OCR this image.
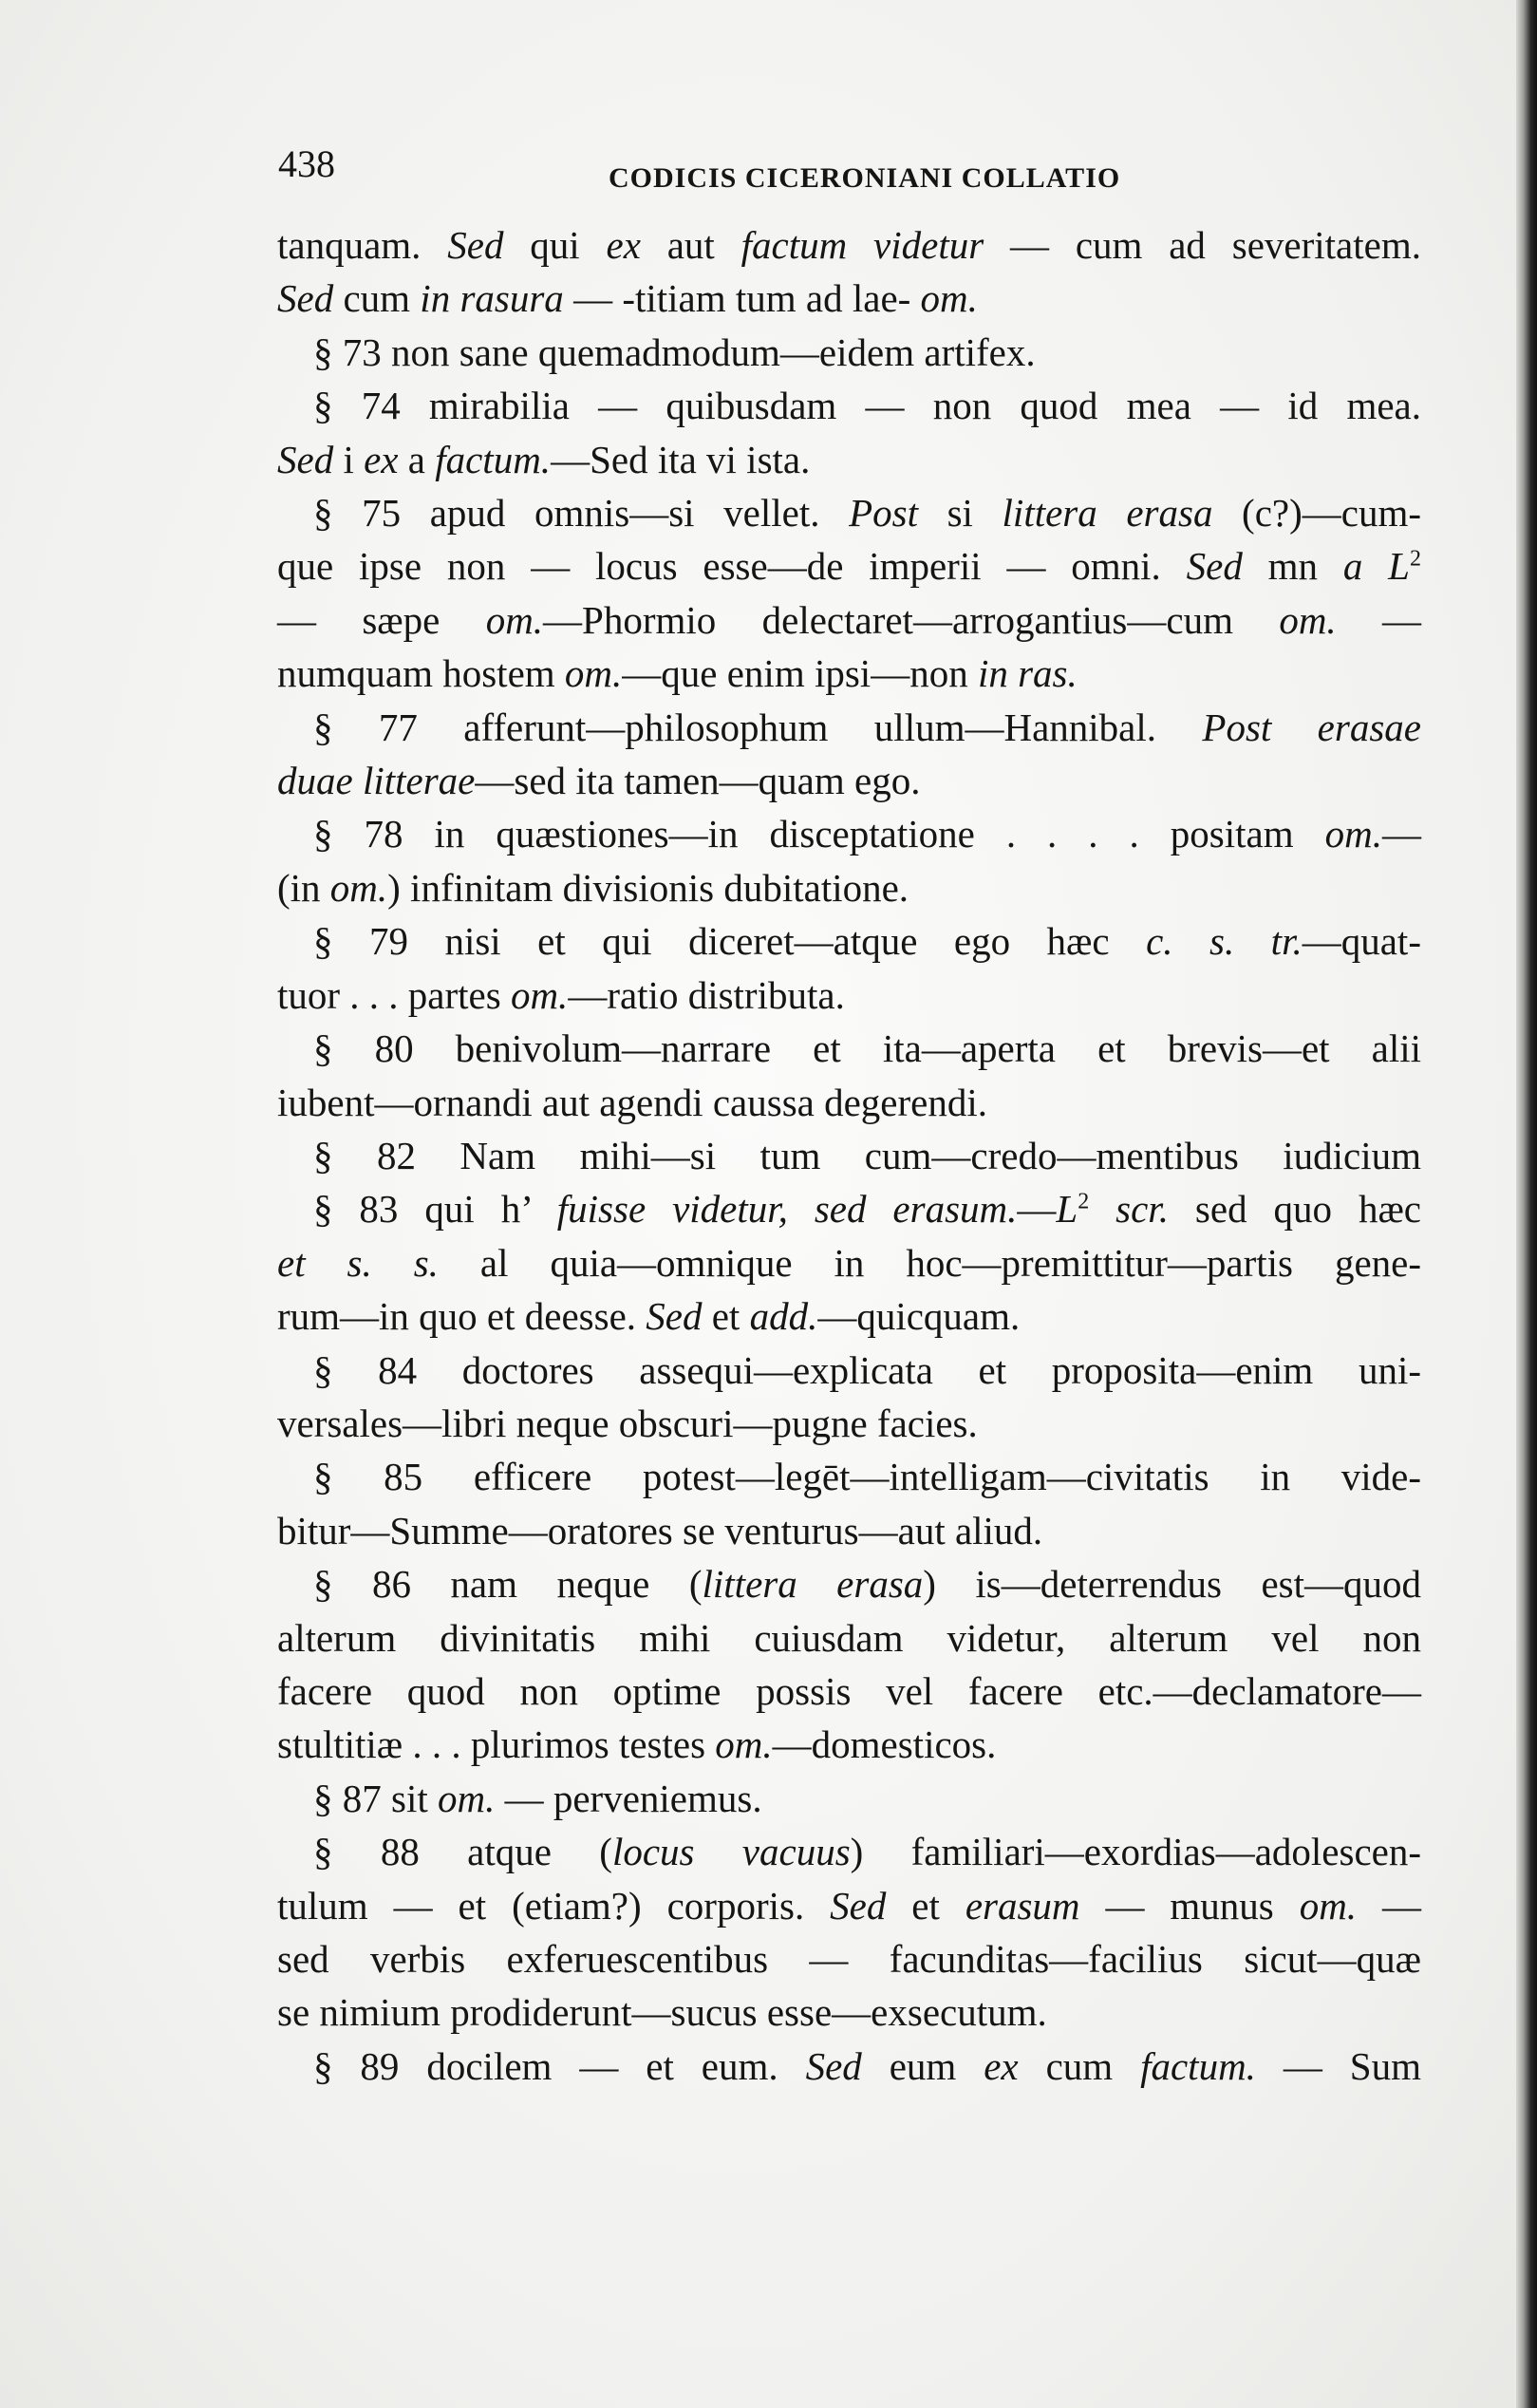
438	CODICIS CICERONIANI COLLATIO
tanquam. Sed qui ex aut factum videtur — cum ad severitatem.
Sed cum in rasura — -titiam tum ad lae- om.
§ 73 non sane quemadmodum—eidem artifex.
§ 74 mirabilia — quibusdam — non quod mea — id mea.
Sed i ex a factum.—Sed ita vi ista.
§ 75 apud omnis—si vellet. Post si littera erasa (c?)—cum-
que ipse non — locus esse—de imperii — omni. Sed mn a $L^2$
— sæpe om.—Phormio delectaret—arrogantius—cum om. —
numquam hostem om.—que enim ipsi—non in ras.
§ 77 afferunt—philosophum ullum—Hannibal. Post erasae
duae litterae—sed ita tamen—quam ego.
§ 78 in quæstiones—in disceptatione . . . . positam om.—
(in om.) infinitam divisionis dubitatione.
§ 79 nisi et qui diceret—atque ego hæc c. s. tr.—quat-
tuor . . . partes om.—ratio distributa.
§ 80 benivolum—narrare et ita—aperta et brevis—et alii
iubent—ornandi aut agendi caussa degerendi.
§ 82 Nam mihi—si tum cum—credo—mentibus iudicium
§ 83 qui h’ fuisse videtur, sed $erasum.—L^2$ scr. sed quo hæc
et s. s. al quia—omnique in hoc—premittitur—partis gene-
rum—in quo et deesse. Sed et add.—quicquam.
§ 84 doctores assequi—explicata et proposita—enim uni-
versales—libri neque obscuri—pugne facies.
§ 85 efficere potest—legēt—intelligam—civitatis in vide-
bitur—Summe—oratores se venturus—aut aliud.
§ 86 nam neque (littera erasa) is—deterrendus est—quod
alterum divinitatis mihi cuiusdam videtur, alterum vel non
facere quod non optime possis vel facere etc.—declamatore—
stultitiæ . . . plurimos testes om.—domesticos.
§ 87 sit om. — perveniemus.
§ 88 atque (locus vacuus) familiari—exordias—adolescen-
tulum — et (etiam?) corporis. Sed et erasum — munus om. —
sed verbis exferuescentibus — facunditas—facilius sicut—quæ
se nimium prodiderunt—sucus esse—exsecutum.
§ 89 docilem — et eum. Sed eum ex cum factum. — Sum
